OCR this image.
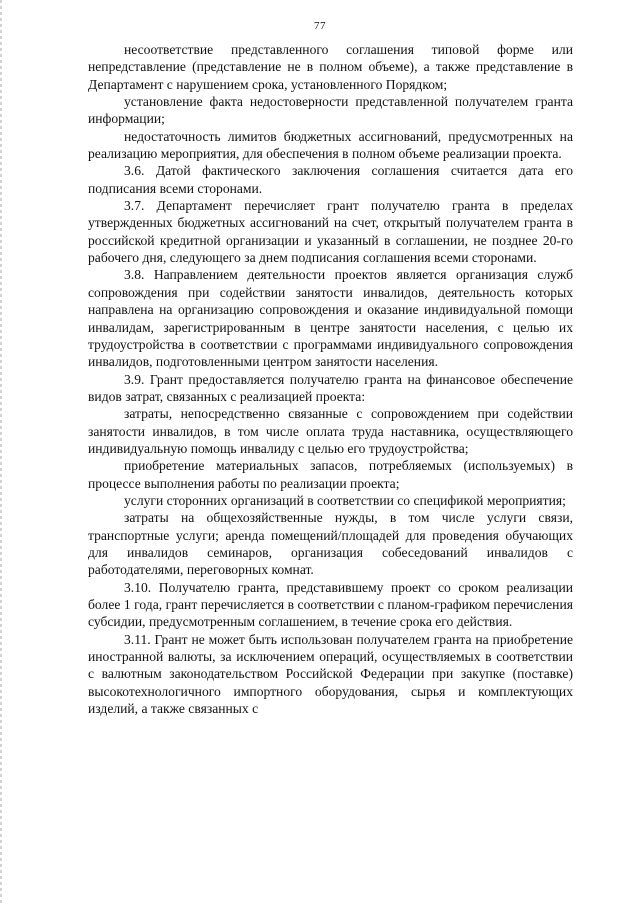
77

несоответствие представленного соглашения типовой форме или непредставление (представление не в полном объеме), а также представление в Департамент с нарушением срока, установленного Порядком;

установление факта недостоверности представленной получателем гранта информации;

недостаточность лимитов бюджетных ассигнований, предусмотренных на реализацию мероприятия, для обеспечения в полном объеме реализации проекта.

3.6. Датой фактического заключения соглашения считается дата его подписания всеми сторонами.

3.7. Департамент перечисляет грант получателю гранта в пределах утвержденных бюджетных ассигнований на счет, открытый получателем гранта в российской кредитной организации и указанный в соглашении, не позднее 20-го рабочего дня, следующего за днем подписания соглашения всеми сторонами.

3.8. Направлением деятельности проектов является организация служб сопровождения при содействии занятости инвалидов, деятельность которых направлена на организацию сопровождения и оказание индивидуальной помощи инвалидам, зарегистрированным в центре занятости населения, с целью их трудоустройства в соответствии с программами индивидуального сопровождения инвалидов, подготовленными центром занятости населения.

3.9. Грант предоставляется получателю гранта на финансовое обеспечение видов затрат, связанных с реализацией проекта:

затраты, непосредственно связанные с сопровождением при содействии занятости инвалидов, в том числе оплата труда наставника, осуществляющего индивидуальную помощь инвалиду с целью его трудоустройства;

приобретение материальных запасов, потребляемых (используемых) в процессе выполнения работы по реализации проекта;

услуги сторонних организаций в соответствии со спецификой мероприятия;

затраты на общехозяйственные нужды, в том числе услуги связи, транспортные услуги; аренда помещений/площадей для проведения обучающих для инвалидов семинаров, организация собеседований инвалидов с работодателями, переговорных комнат.

3.10. Получателю гранта, представившему проект со сроком реализации более 1 года, грант перечисляется в соответствии с планом-графиком перечисления субсидии, предусмотренным соглашением, в течение срока его действия.

3.11. Грант не может быть использован получателем гранта на приобретение иностранной валюты, за исключением операций, осуществляемых в соответствии с валютным законодательством Российской Федерации при закупке (поставке) высокотехнологичного импортного оборудования, сырья и комплектующих изделий, а также связанных с
